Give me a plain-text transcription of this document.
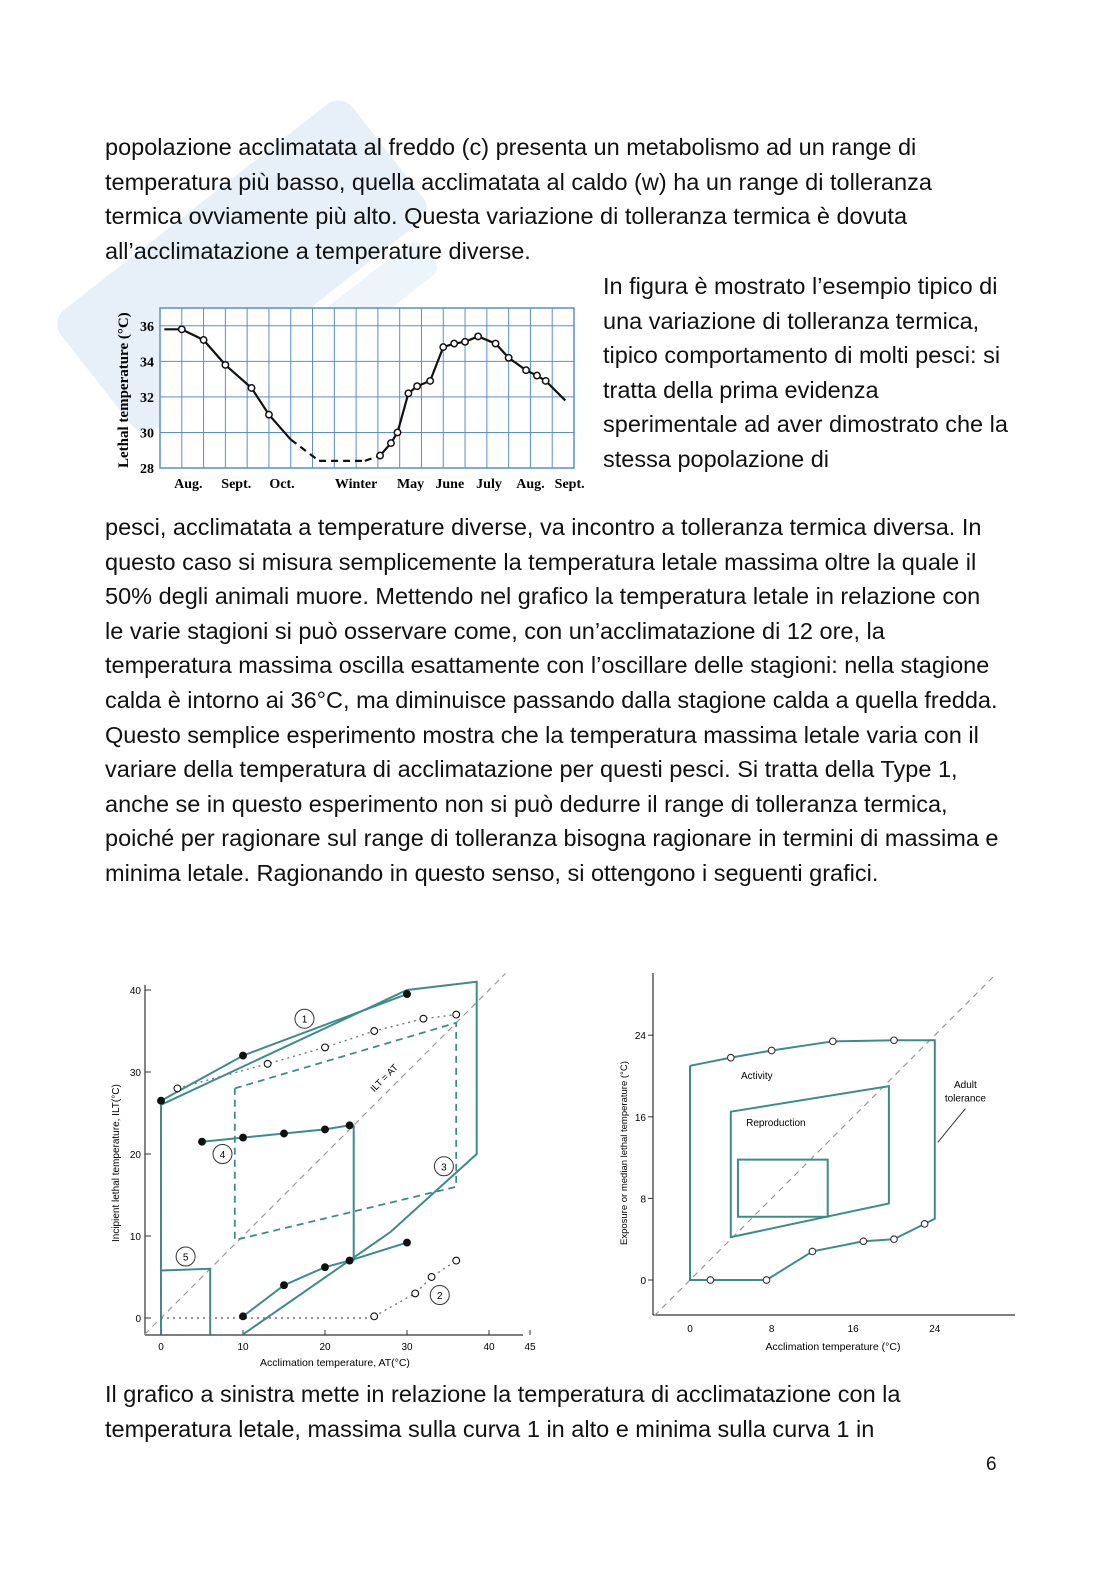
popolazione acclimatata al freddo (c) presenta un metabolismo ad un range di temperatura più basso, quella acclimatata al caldo (w) ha un range di tolleranza termica ovviamente più alto. Questa variazione di tolleranza termica è dovuta all’acclimatazione a temperature diverse.

In figura è mostrato l’esempio tipico di una variazione di tolleranza termica, tipico comportamento di molti pesci: si tratta della prima evidenza sperimentale ad aver dimostrato che la stessa popolazione di

36
34
32
30
28
Aug. Sept. Oct.	Winter May June July Aug. Sept.
Lethal temperature (°C)

pesci, acclimatata a temperature diverse, va incontro a tolleranza termica diversa. In questo caso si misura semplicemente la temperatura letale massima oltre la quale il 50% degli animali muore. Mettendo nel grafico la temperatura letale in relazione con le varie stagioni si può osservare come, con un’acclimatazione di 12 ore, la temperatura massima oscilla esattamente con l’oscillare delle stagioni: nella stagione calda è intorno ai 36°C, ma diminuisce passando dalla stagione calda a quella fredda. Questo semplice esperimento mostra che la temperatura massima letale varia con il variare della temperatura di acclimatazione per questi pesci. Si tratta della Type 1, anche se in questo esperimento non si può dedurre il range di tolleranza termica, poiché per ragionare sul range di tolleranza bisogna ragionare in termini di massima e minima letale. Ragionando in questo senso, si ottengono i seguenti grafici.

0	10	20	30	40	45
0
10
20
30
40
Acclimation temperature, AT(°C)
Incipient lethal temperature, ILT(°C)
ILT = AT
1
2
3
4
5
0	8	16	24
24
16
8
0
Acclimation temperature (°C)
Exposure or median lethal temperature (°C)	Activity
Reproduction
Adult
tolerance

Il grafico a sinistra mette in relazione la temperatura di acclimatazione con la temperatura letale, massima sulla curva 1 in alto e minima sulla curva 1 in

6
